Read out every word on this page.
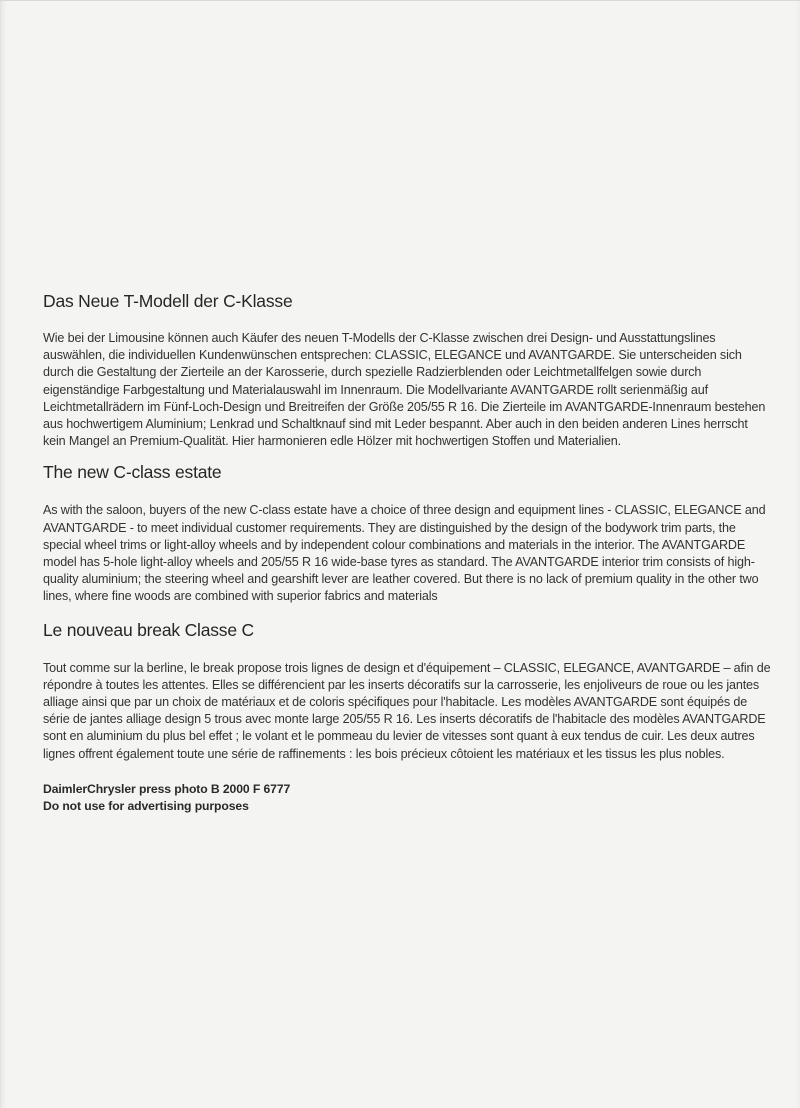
Das Neue T-Modell der C-Klasse

Wie bei der Limousine können auch Käufer des neuen T-Modells der C-Klasse zwischen drei Design- und Ausstattungslines auswählen, die individuellen Kundenwünschen entsprechen: CLASSIC, ELEGANCE und AVANTGARDE. Sie unterscheiden sich durch die Gestaltung der Zierteile an der Karosserie, durch spezielle Radzierblenden oder Leichtmetallfelgen sowie durch eigenständige Farbgestaltung und Materialauswahl im Innenraum. Die Modellvariante AVANTGARDE rollt serienmäßig auf Leichtmetallrädern im Fünf-Loch-Design und Breitreifen der Größe 205/55 R 16. Die Zierteile im AVANTGARDE-Innenraum bestehen aus hochwertigem Aluminium; Lenkrad und Schaltknauf sind mit Leder bespannt. Aber auch in den beiden anderen Lines herrscht kein Mangel an Premium-Qualität. Hier harmonieren edle Hölzer mit hochwertigen Stoffen und Materialien.

The new C-class estate

As with the saloon, buyers of the new C-class estate have a choice of three design and equipment lines - CLASSIC, ELEGANCE and AVANTGARDE - to meet individual customer requirements. They are distinguished by the design of the bodywork trim parts, the special wheel trims or light-alloy wheels and by independent colour combinations and materials in the interior. The AVANTGARDE model has 5-hole light-alloy wheels and 205/55 R 16 wide-base tyres as standard. The AVANTGARDE interior trim consists of high-quality aluminium; the steering wheel and gearshift lever are leather covered. But there is no lack of premium quality in the other two lines, where fine woods are combined with superior fabrics and materials

Le nouveau break Classe C

Tout comme sur la berline, le break propose trois lignes de design et d'équipement – CLASSIC, ELEGANCE, AVANTGARDE – afin de répondre à toutes les attentes. Elles se différencient par les inserts décoratifs sur la carrosserie, les enjoliveurs de roue ou les jantes alliage ainsi que par un choix de matériaux et de coloris spécifiques pour l'habitacle. Les modèles AVANTGARDE sont équipés de série de jantes alliage design 5 trous avec monte large 205/55 R 16. Les inserts décoratifs de l'habitacle des modèles AVANTGARDE sont en aluminium du plus bel effet ; le volant et le pommeau du levier de vitesses sont quant à eux tendus de cuir. Les deux autres lignes offrent également toute une série de raffinements : les bois précieux côtoient les matériaux et les tissus les plus nobles.

DaimlerChrysler press photo B 2000 F 6777
Do not use for advertising purposes
